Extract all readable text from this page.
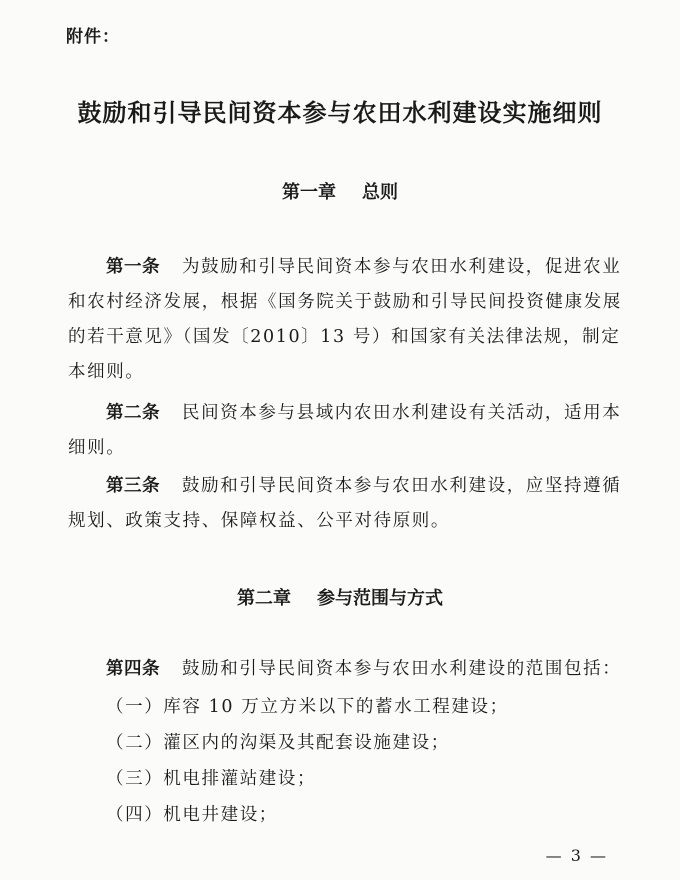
附件：
鼓励和引导民间资本参与农田水利建设实施细则
第一章 总则
第一条 为鼓励和引导民间资本参与农田水利建设，促进农业和农村经济发展，根据《国务院关于鼓励和引导民间投资健康发展的若干意见》（国发〔2010〕13 号）和国家有关法律法规，制定本细则。
第二条 民间资本参与县域内农田水利建设有关活动，适用本细则。
第三条 鼓励和引导民间资本参与农田水利建设，应坚持遵循规划、政策支持、保障权益、公平对待原则。
第二章 参与范围与方式
第四条 鼓励和引导民间资本参与农田水利建设的范围包括：
（一）库容 10 万立方米以下的蓄水工程建设；
（二）灌区内的沟渠及其配套设施建设；
（三）机电排灌站建设；
（四）机电井建设；
— 3 —
